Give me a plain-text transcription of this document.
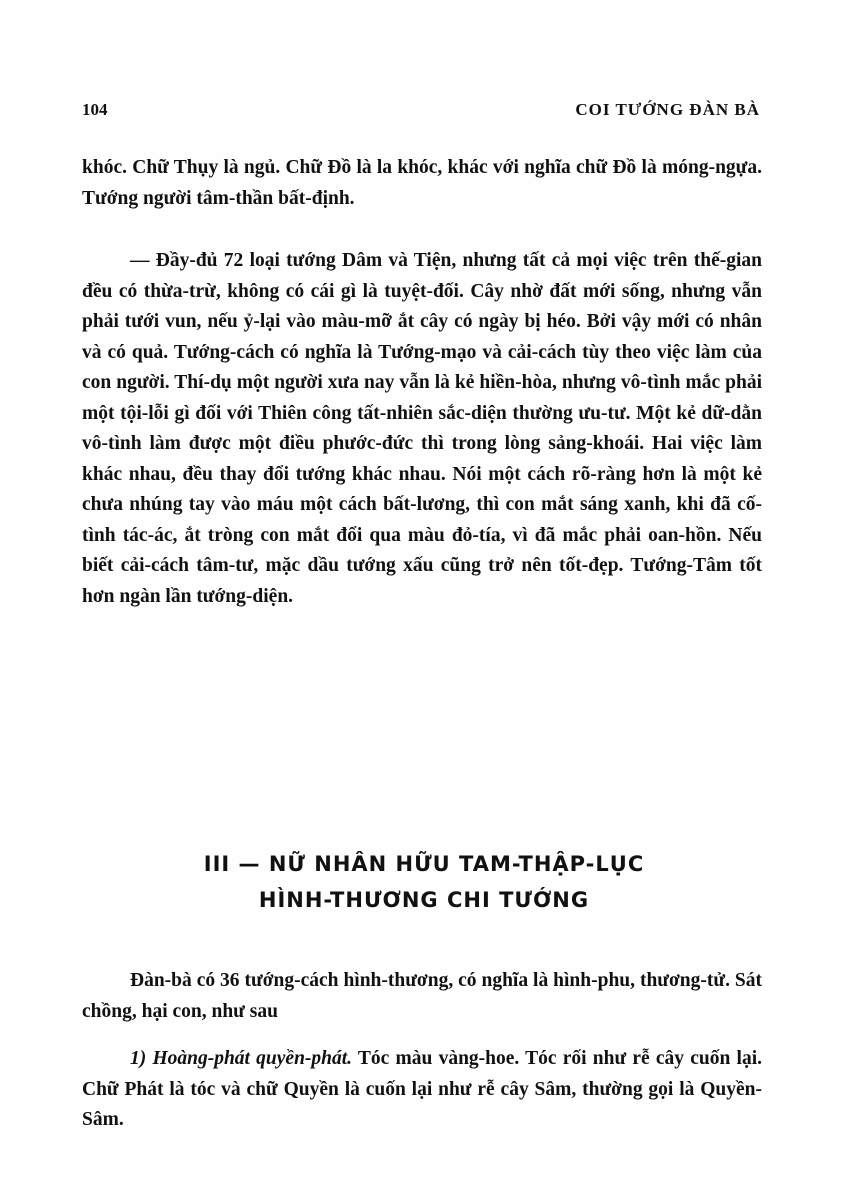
104	COI TƯỚNG ĐÀN BÀ
khóc. Chữ Thụy là ngủ. Chữ Đồ là la khóc, khác với nghĩa chữ Đồ là móng-ngựa. Tướng người tâm-thần bất-định.
— Đầy-đủ 72 loại tướng Dâm và Tiện, nhưng tất cả mọi việc trên thế-gian đều có thừa-trừ, không có cái gì là tuyệt-đối. Cây nhờ đất mới sống, nhưng vẫn phải tưới vun, nếu ỷ-lại vào màu-mỡ ắt cây có ngày bị héo. Bởi vậy mới có nhân và có quả. Tướng-cách có nghĩa là Tướng-mạo và cải-cách tùy theo việc làm của con người. Thí-dụ một người xưa nay vẫn là kẻ hiền-hòa, nhưng vô-tình mắc phải một tội-lỗi gì đối với Thiên công tất-nhiên sắc-diện thường ưu-tư. Một kẻ dữ-dằn vô-tình làm được một điều phước-đức thì trong lòng sảng-khoái. Hai việc làm khác nhau, đều thay đổi tướng khác nhau. Nói một cách rõ-ràng hơn là một kẻ chưa nhúng tay vào máu một cách bất-lương, thì con mắt sáng xanh, khi đã cố-tình tác-ác, ắt tròng con mắt đổi qua màu đỏ-tía, vì đã mắc phải oan-hồn. Nếu biết cải-cách tâm-tư, mặc dầu tướng xấu cũng trở nên tốt-đẹp. Tướng-Tâm tốt hơn ngàn lần tướng-diện.
III — NỮ NHÂN HỮU TAM-THẬP-LỤC
HÌNH-THƯƠNG CHI TƯỚNG
Đàn-bà có 36 tướng-cách hình-thương, có nghĩa là hình-phu, thương-tử. Sát chồng, hại con, như sau
1) Hoàng-phát quyền-phát. Tóc màu vàng-hoe. Tóc rối như rễ cây cuốn lại. Chữ Phát là tóc và chữ Quyền là cuốn lại như rễ cây Sâm, thường gọi là Quyền-Sâm.
